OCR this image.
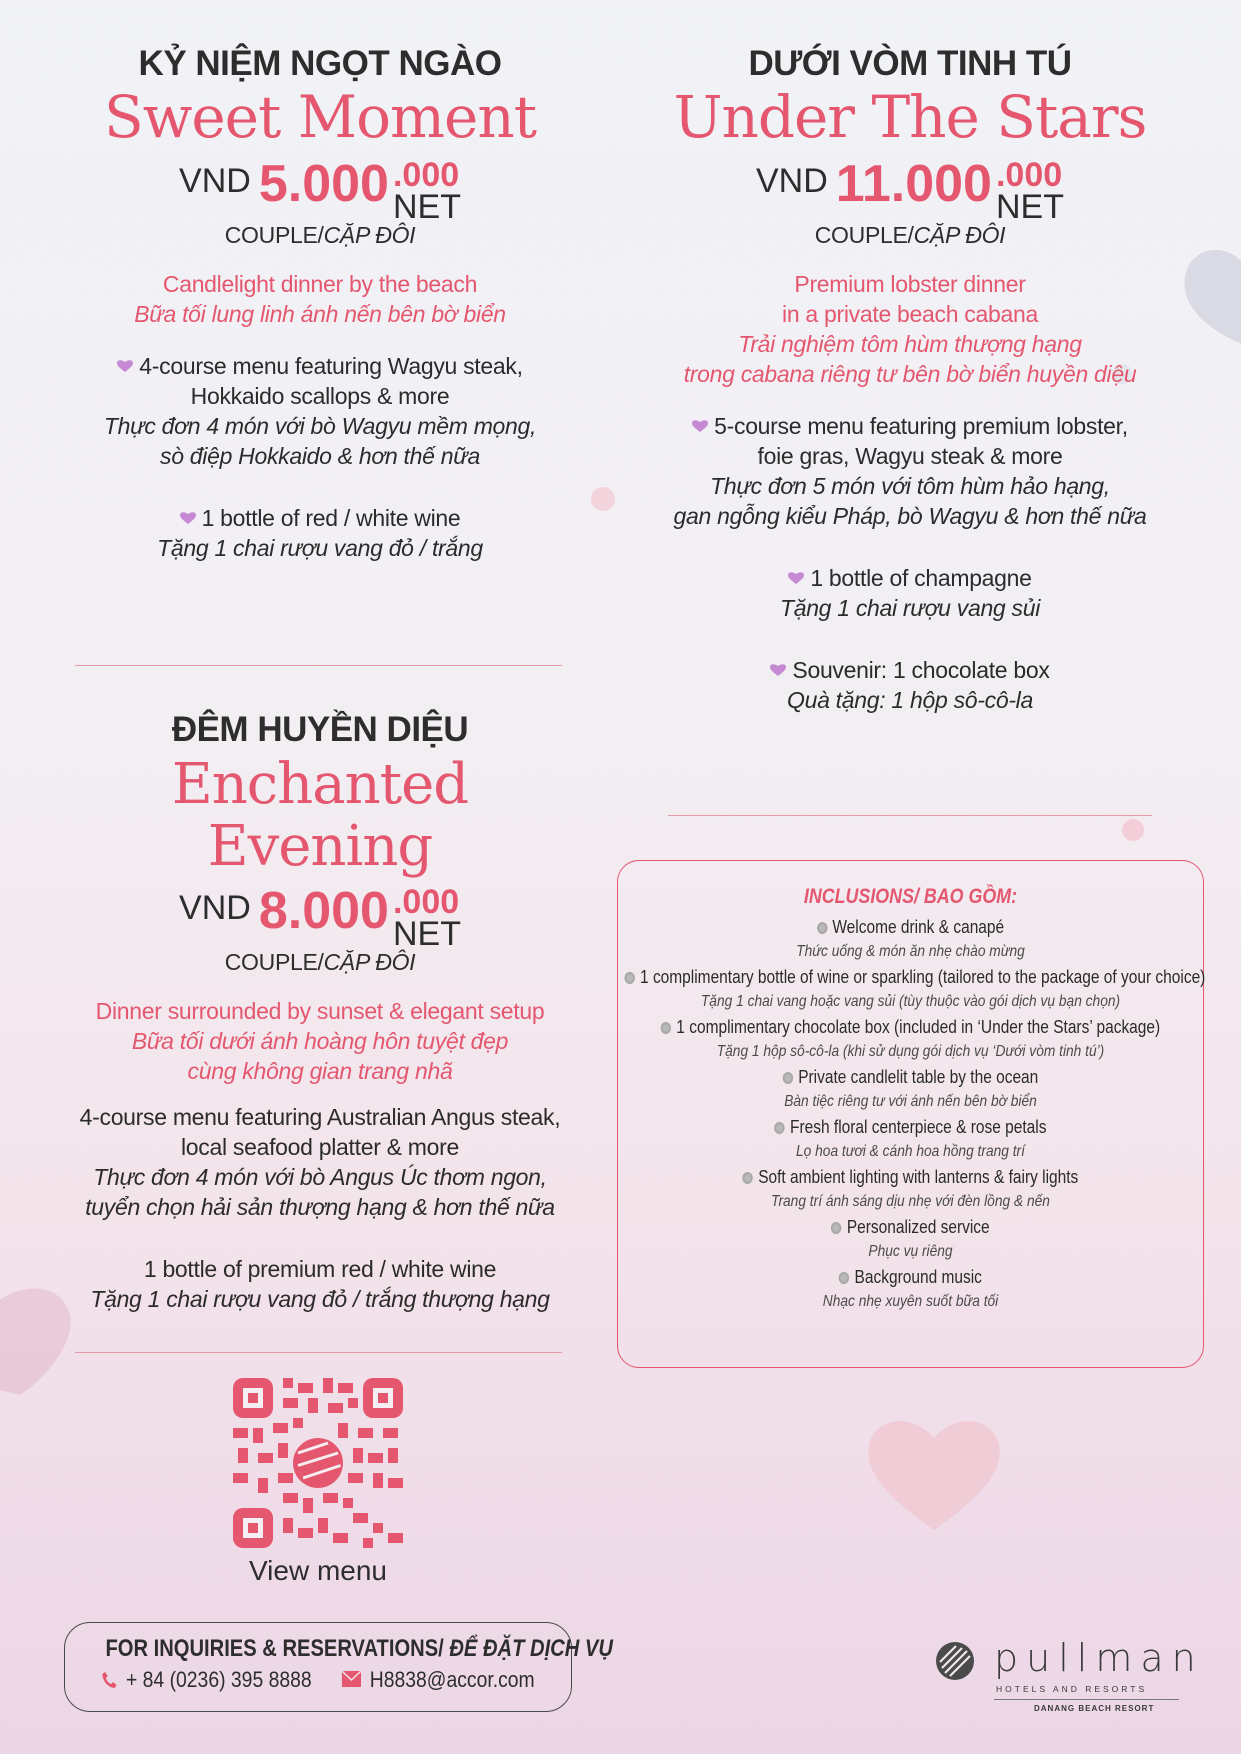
KỶ NIỆM NGỌT NGÀO
Sweet Moment
VND 5.000 .000
NET
COUPLE/CẶP ĐÔI
Candlelight dinner by the beach
Bữa tối lung linh ánh nến bên bờ biển
4-course menu featuring Wagyu steak,
Hokkaido scallops & more
Thực đơn 4 món với bò Wagyu mềm mọng,
sò điệp Hokkaido & hơn thế nữa
1 bottle of red / white wine
Tặng 1 chai rượu vang đỏ / trắng
ĐÊM HUYỀN DIỆU
Enchanted Evening
VND 8.000 .000
NET
COUPLE/CẶP ĐÔI
Dinner surrounded by sunset & elegant setup
Bữa tối dưới ánh hoàng hôn tuyệt đẹp
cùng không gian trang nhã
4-course menu featuring Australian Angus steak,
local seafood platter & more
Thực đơn 4 món với bò Angus Úc thơm ngon,
tuyển chọn hải sản thượng hạng & hơn thế nữa
1 bottle of premium red / white wine
Tặng 1 chai rượu vang đỏ / trắng thượng hạng
DƯỚI VÒM TINH TÚ
Under The Stars
VND 11.000 .000
NET
COUPLE/CẶP ĐÔI
Premium lobster dinner
in a private beach cabana
Trải nghiệm tôm hùm thượng hạng
trong cabana riêng tư bên bờ biển huyền diệu
5-course menu featuring premium lobster,
foie gras, Wagyu steak & more
Thực đơn 5 món với tôm hùm hảo hạng,
gan ngỗng kiểu Pháp, bò Wagyu & hơn thế nữa
1 bottle of champagne
Tặng 1 chai rượu vang sủi
Souvenir: 1 chocolate box
Quà tặng: 1 hộp sô-cô-la
INCLUSIONS/ BAO GỒM:
Welcome drink & canapé
Thức uống & món ăn nhẹ chào mừng
1 complimentary bottle of wine or sparkling (tailored to the package of your choice)
Tặng 1 chai vang hoặc vang sủi (tùy thuộc vào gói dịch vụ bạn chọn)
1 complimentary chocolate box (included in ‘Under the Stars’ package)
Tặng 1 hộp sô-cô-la (khi sử dụng gói dịch vụ ‘Dưới vòm tinh tú’)
Private candlelit table by the ocean
Bàn tiệc riêng tư với ánh nến bên bờ biển
Fresh floral centerpiece & rose petals
Lọ hoa tươi & cánh hoa hồng trang trí
Soft ambient lighting with lanterns & fairy lights
Trang trí ánh sáng dịu nhẹ với đèn lồng & nến
Personalized service
Phục vụ riêng
Background music
Nhạc nhẹ xuyên suốt bữa tối
View menu
FOR INQUIRIES & RESERVATIONS/ ĐỂ ĐẶT DỊCH VỤ
+ 84 (0236) 395 8888	H8838@accor.com	pullman
HOTELS AND RESORTS
DANANG BEACH RESORT
